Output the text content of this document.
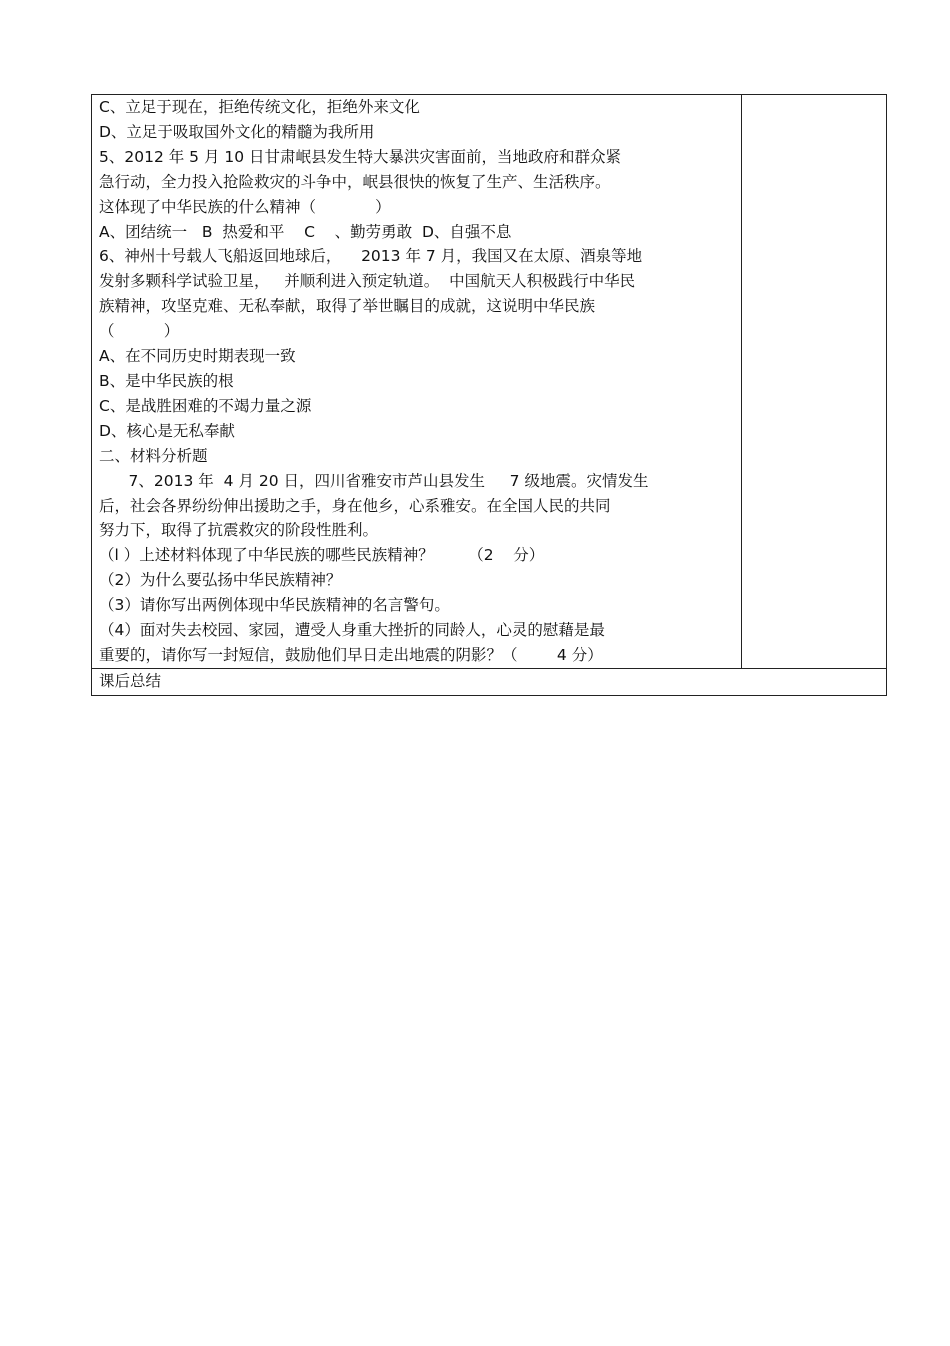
C、立足于现在，拒绝传统文化，拒绝外来文化
D、立足于吸取国外文化的精髓为我所用
5、2012 年 5 月 10 日甘肃岷县发生特大暴洪灾害面前，当地政府和群众紧
急行动，全力投入抢险救灾的斗争中，岷县很快的恢复了生产、生活秩序。
这体现了中华民族的什么精神（            ）
A、团结统一   B  热爱和平    C    、勤劳勇敢  D、自强不息
6、神州十号载人飞船返回地球后，    2013 年 7 月，我国又在太原、酒泉等地
发射多颗科学试验卫星，   并顺利进入预定轨道。  中国航天人积极践行中华民
族精神，攻坚克难、无私奉献，取得了举世瞩目的成就，这说明中华民族
（          ）
A、在不同历史时期表现一致
B、是中华民族的根
C、是战胜困难的不竭力量之源
D、核心是无私奉献
二、材料分析题
7、2013 年  4 月 20 日，四川省雅安市芦山县发生     7 级地震。灾情发生
后，社会各界纷纷伸出援助之手，身在他乡，心系雅安。在全国人民的共同
努力下，取得了抗震救灾的阶段性胜利。
（l ）上述材料体现了中华民族的哪些民族精神？       （2    分）
（2）为什么要弘扬中华民族精神？
（3）请你写出两例体现中华民族精神的名言警句。
（4）面对失去校园、家园，遭受人身重大挫折的同龄人，心灵的慰藉是最
重要的，请你写一封短信，鼓励他们早日走出地震的阴影？（        4 分）

课后总结
